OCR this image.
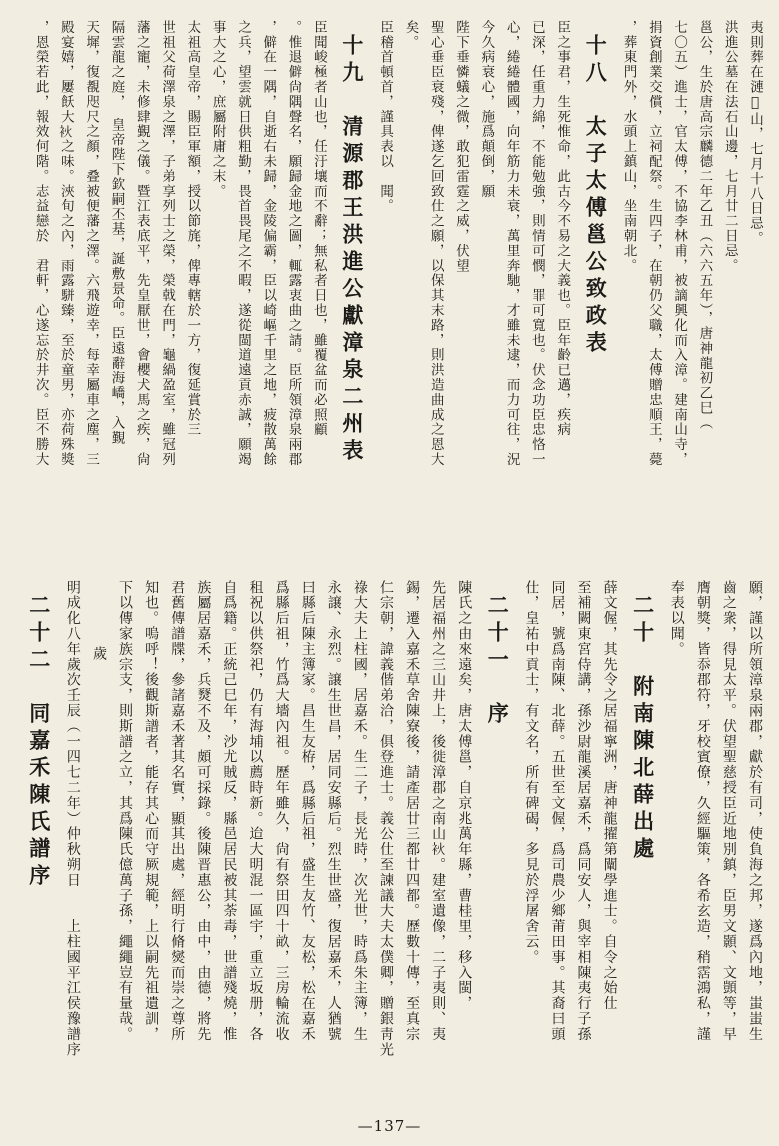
夷則葬在漣𥙆山，七月十八日忌。
洪進公墓在法石山邊，七月廿二日忌。
邕公，生於唐高宗麟德二年乙丑（六六五年），唐神龍初乙巳（
七〇五）進士，官太傅，不協李林甫，被謫興化而入漳。建南山寺，
捐資創業交償，立祠配祭。生四子，在朝仍父職，太傅贈忠順王，薨
，葬東門外，水頭上鎮山，坐南朝北。
十八　太子太傅邕公致政表
臣之事君，生死惟命，此古今不易之大義也。臣年齡已邁，疾病
已深，任重力綿，不能勉強，則情可憫，罪可寬也。伏念功臣忠恪一
心，綣綣體國，向年筋力未衰，萬里奔馳，才雖未逮，而力可往，況
今久病衰心，施爲顛倒，願
陛下垂憐蟻之微，敢犯雷霆之威，伏望
聖心垂臣衰殘，俾遂乞回致仕之願，以保其末路，則洪造曲成之恩大
矣。
臣稽首頓首，謹具表以　聞。
十九　清源郡王洪進公獻漳泉二州表
臣聞峻極者山也，任汙壤而不辭；無私者日也，雖覆盆而必照顧
。惟退僻尙隅聲名，願歸金地之圖，輒露衷曲之請。臣所領漳泉兩郡
，僻在一隅，自逝右未歸，金陵偏霸，臣以崎嶇千里之地，疲散萬餘
之兵，望雲就日供粗勤，畏首畏尾之不暇，遂從閩道遠貢赤誠，願竭
事大之心，庶屬附庸之末。
太祖高皇帝，賜臣軍額，授以節旄，俾專轄於一方，復延賞於三
世祖父荷澤泉之澤，子弟享列士之榮，榮戟在門，龜緺盈室，雖冠列
藩之寵，未修肆覲之儀。暨江表底平，先皇厭世，會櫻犬馬之疾，尙
隔雲龍之庭，　皇帝陛下欽嗣丕基，誕敷景命。臣遠辭海嶠，入覲
天墀，復覩咫尺之顏，叠被便藩之澤。六飛遊幸，每幸屬車之塵，三
殿宴嬉，屢飫大𤇷之味。浹旬之內，雨露駢臻，至於童男，亦荷殊獎
，恩榮若此，報效何階。志益戀於　君軒，心遂忘於井次。臣不勝大
願，謹以所領漳泉兩郡，獻於有司，使負海之邦，遂爲內地，蚩蚩生
齒之衆，得見太平。伏望聖慈授臣近地別鎮，臣男文顥、文顗等，早
膺朝獎，皆忝郡符，牙校賓僚，久經驅策，各希玄造，稍霑鴻私，謹
奉表以聞。
二十　附南陳北薛出處
薛文偓，其先令之居福寧洲，唐神龍擢第闡學進士。自令之始仕
至補闕東宮侍講，孫沙尉龍溪居嘉禾，爲同安人，與宰相陳夷行子孫
同居，號爲南陳、北薛。五世至文偓，爲司農少鄉莆田事。其裔曰頭
仕，皇祐中貢士，有文名，所有碑碣，多見於浮屠舍云。
二十一　序
陳氏之由來遠矣，唐太傅邕，自京兆萬年縣，曹桂里，移入閩，
先居福州之三山井上，後徙漳郡之南山𤇷。建室遺像，二子夷則、夷
錫，遷入嘉禾草舍陳寮後，請產居廿三都廿四都。歷數十傳，至真宗
仁宗朝，諱義偕弟洽，俱登進士。義公仕至諫議大夫太僕卿，贈銀靑光
祿大夫上柱國，居嘉禾。生二子，長光時，次光世，時爲朱主簿，生
永譲、永烈。譲生世昌，居同安縣后。烈生世盛，復居嘉禾，人猶號
曰縣后陳主簿家。昌生友栫，爲縣后祖，盛生友竹、友松，松在嘉禾
爲縣后祖，竹爲大墻內祖。歷年雖久，尙有祭田四十畝，三房輪流收
租祝以供祭祀，仍有海埔以薦時新。迨大明混一區宇，重立坂册，各
自爲籍。正統己巳年，沙尤賊反，縣邑居民被其荼毒，世譜殘燒，惟
族屬居嘉禾，兵燹不及，頗可採錄。後陳晋惠公，由中，由德，將先
君舊傳譜牒，參諸嘉禾著其名實，顯其出處，經明行脩爕而崇之尊所
知也。嗚呼！後觀斯譜者，能存其心而守厥規範，上以嗣先祖遺訓，
下以傳家族宗支，則斯譜之立，其爲陳氏億萬子孫，繩繩豈有量哉。
歲
明成化八年歲次壬辰（一四七二年）仲秋朔日　　上柱國平江侯豫譜序
二十二　同嘉禾陳氏譜序
—137—
